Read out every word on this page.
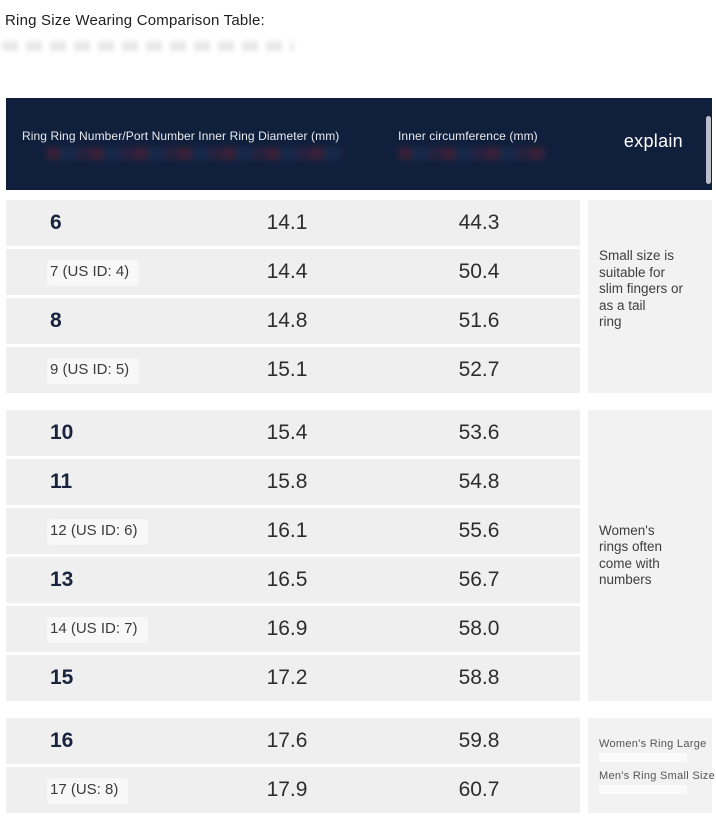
Ring Size Wearing Comparison Table:
Ring Ring Number/Port Number Inner Ring Diameter (mm)	Inner circumference (mm)	explain
6	14.1	44.3
7 (US ID: 4)	14.4	50.4
8	14.8	51.6
9 (US ID: 5)	15.1	52.7
Small size is
suitable for
slim fingers or
as a tail
ring
10	15.4	53.6
11	15.8	54.8
12 (US ID: 6)	16.1	55.6
13	16.5	56.7
14 (US ID: 7)	16.9	58.0
15	17.2	58.8
Women's
rings often
come with
numbers
16	17.6	59.8
17 (US: 8)	17.9	60.7
Women's Ring Large
Men's Ring Small Size
